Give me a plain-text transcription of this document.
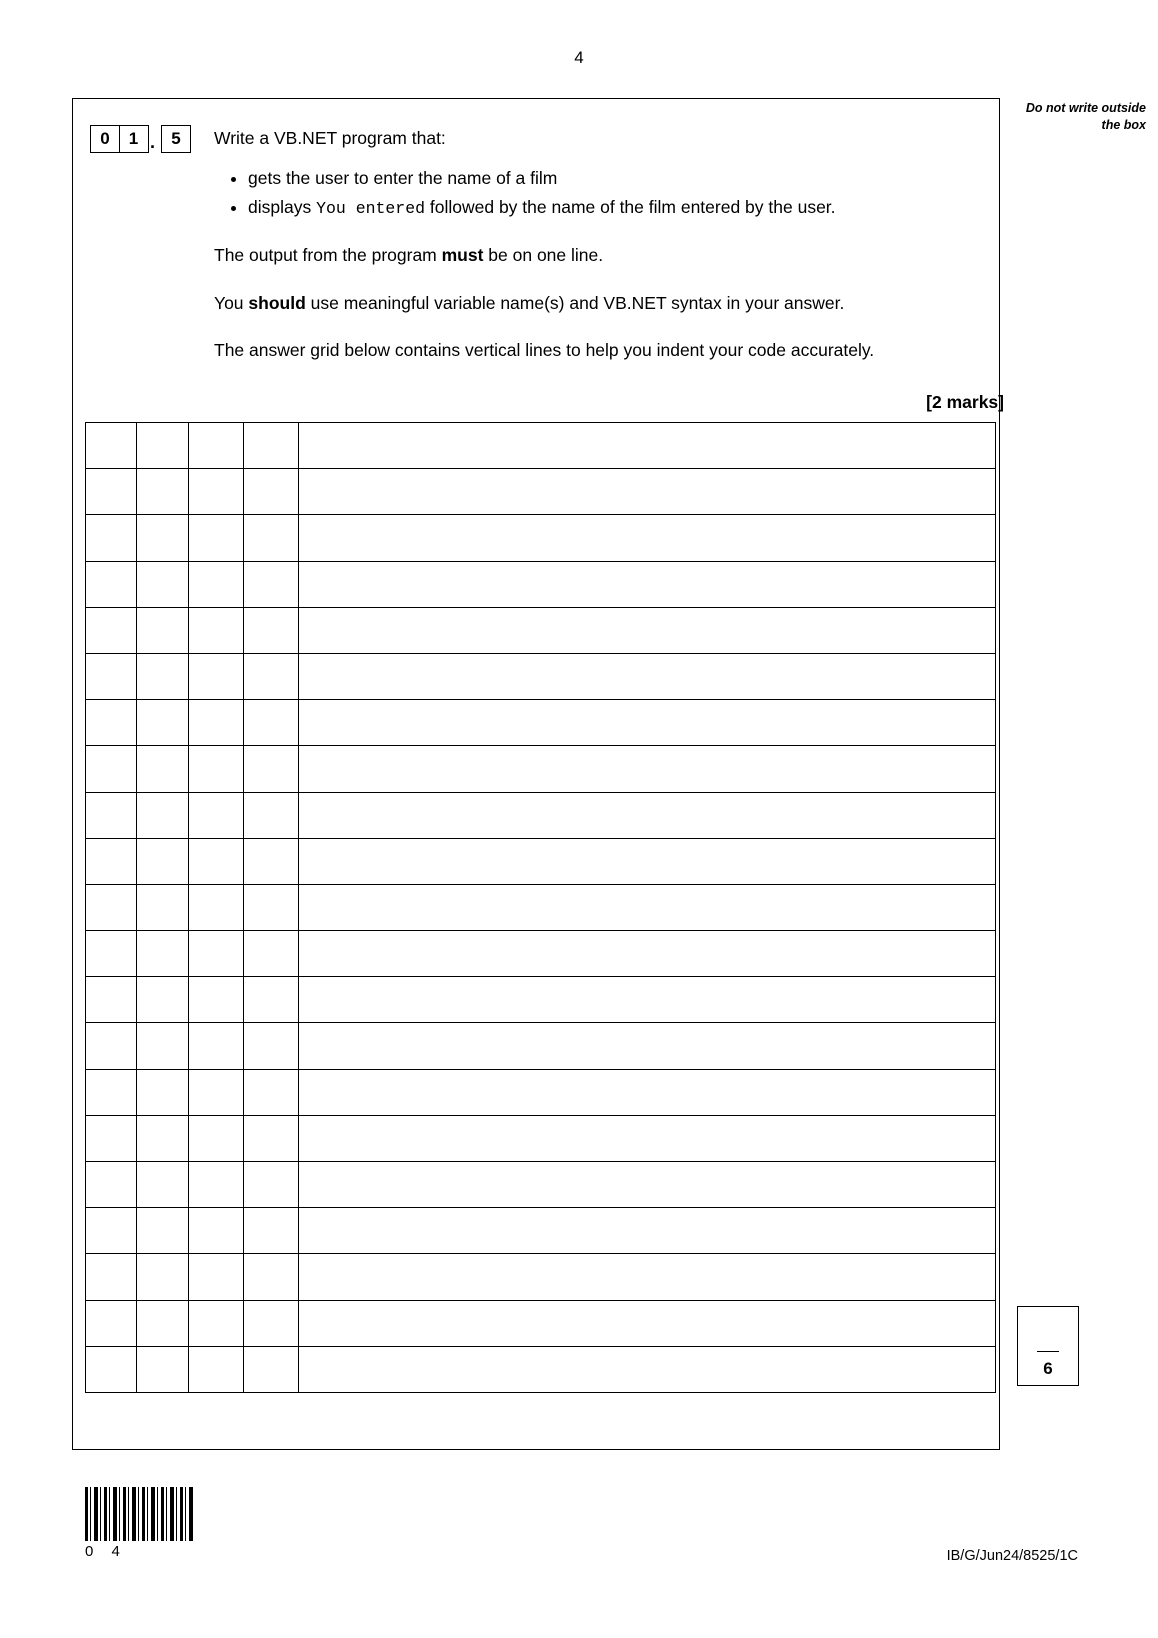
4
Do not write outside the box
0	1 . 5	Write a VB.NET program that:

• gets the user to enter the name of a film
• displays You entered followed by the name of the film entered by the user.

The output from the program must be on one line.

You should use meaningful variable name(s) and VB.NET syntax in your answer.

The answer grid below contains vertical lines to help you indent your code accurately.

[2 marks]
6
0 4	IB/G/Jun24/8525/1C
